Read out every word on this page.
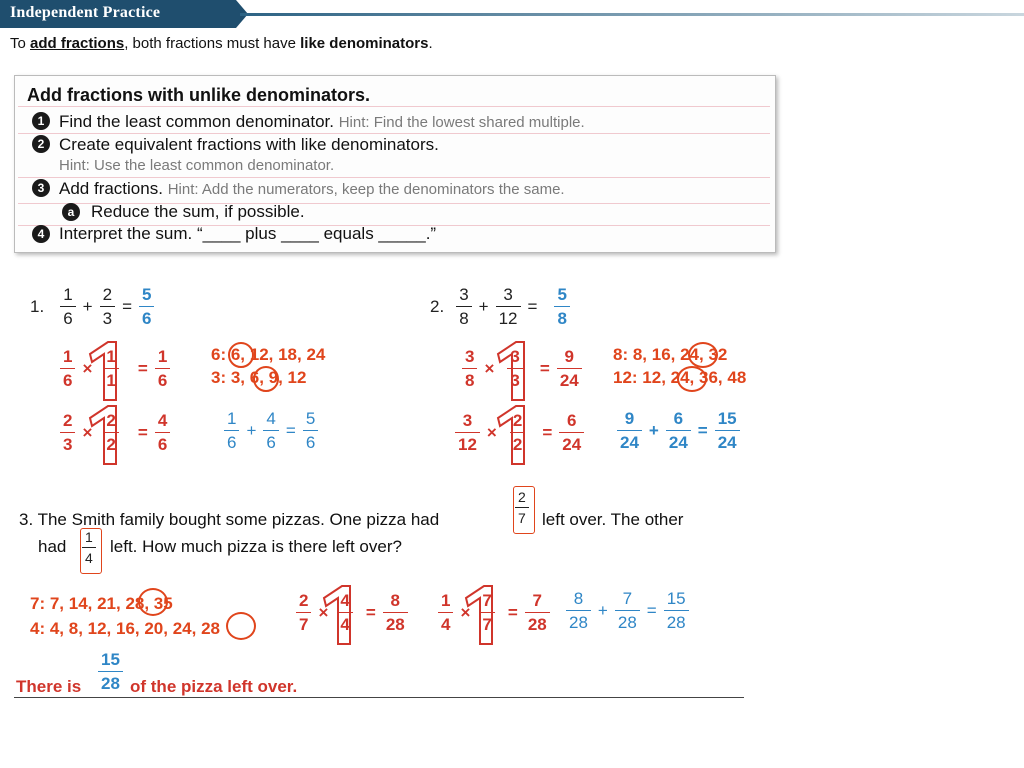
Independent Practice
To add fractions, both fractions must have like denominators.
Add fractions with unlike denominators.
1 Find the least common denominator. Hint: Find the lowest shared multiple.
2 Create equivalent fractions with like denominators.
Hint: Use the least common denominator.
3 Add fractions. Hint: Add the numerators, keep the denominators the same.
a Reduce the sum, if possible.
4 Interpret the sum. “____ plus ____ equals _____.”
1.
1
6
+ $\frac{2}{3} = \frac{5}{6}$
6: 6, 12, 18, 24
3: 3, 6, 9, 12
$\frac{1}{6} \times \frac{1}{1} = \frac{1}{6}$
$\frac{2}{3} \times \frac{2}{2} = \frac{4}{6}$	1
6
+ $\frac{4}{6} = \frac{5}{6}$
2.
3
8
+ $\frac{3}{12} = \frac{5}{8}$
8: 8, 16, 24, 32
12: 12, 24, 36, 48
$\frac{3}{8} \times \frac{3}{3} = \frac{9}{24}$
$\frac{3}{12} \times \frac{2}{2} = \frac{6}{24} 9$
24
+ $\frac{6}{24} = \frac{15}{24}$
3. The Smith family bought some pizzas. One pizza had
2
7 left over. The other
had 1
4
left. How much pizza is there left over?
7: 7, 14, 21, 28, 35
4: 4, 8, 12, 16, 20, 24, 28	$\frac{2}{7} \times \frac{4}{4} = \frac{8}{28} \frac{1}{4} \times \frac{7}{7} = \frac{7}{28} 8$
28
+ $\frac{7}{28} = \frac{15}{28}$
There is
15
28 of the pizza left over.
